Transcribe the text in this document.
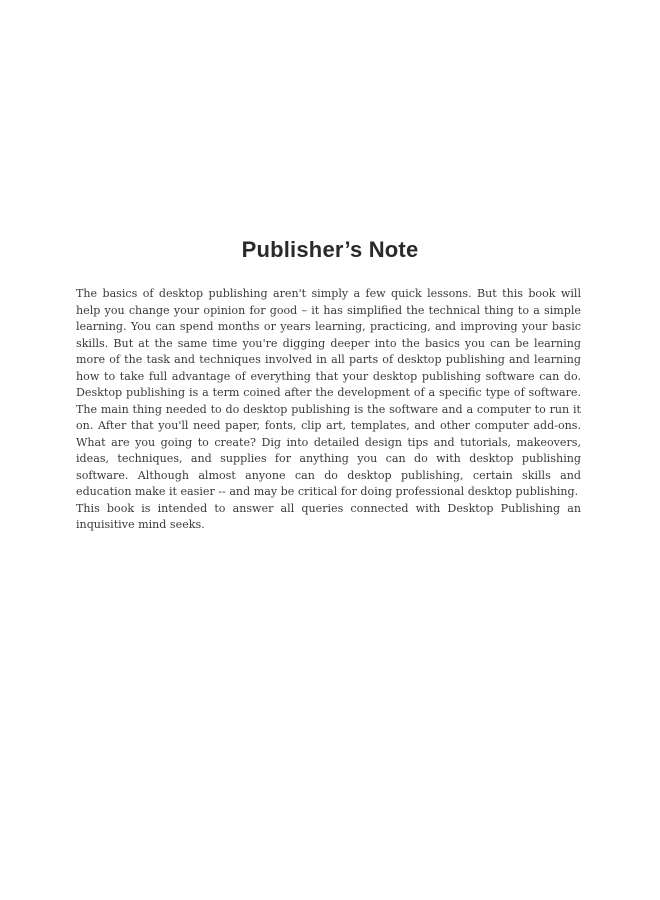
Publisher’s Note

The basics of desktop publishing aren't simply a few quick lessons. But this book will help you change your opinion for good – it has simplified the technical thing to a simple learning. You can spend months or years learning, practicing, and improving your basic skills. But at the same time you're digging deeper into the basics you can be learning more of the task and techniques involved in all parts of desktop publishing and learning how to take full advantage of everything that your desktop publishing software can do. Desktop publishing is a term coined after the development of a specific type of software. The main thing needed to do desktop publishing is the software and a computer to run it on. After that you'll need paper, fonts, clip art, templates, and other computer add-ons. What are you going to create? Dig into detailed design tips and tutorials, makeovers, ideas, techniques, and supplies for anything you can do with desktop publishing software. Although almost anyone can do desktop publishing, certain skills and education make it easier -- and may be critical for doing professional desktop publishing.

This book is intended to answer all queries connected with Desktop Publishing an inquisitive mind seeks.
